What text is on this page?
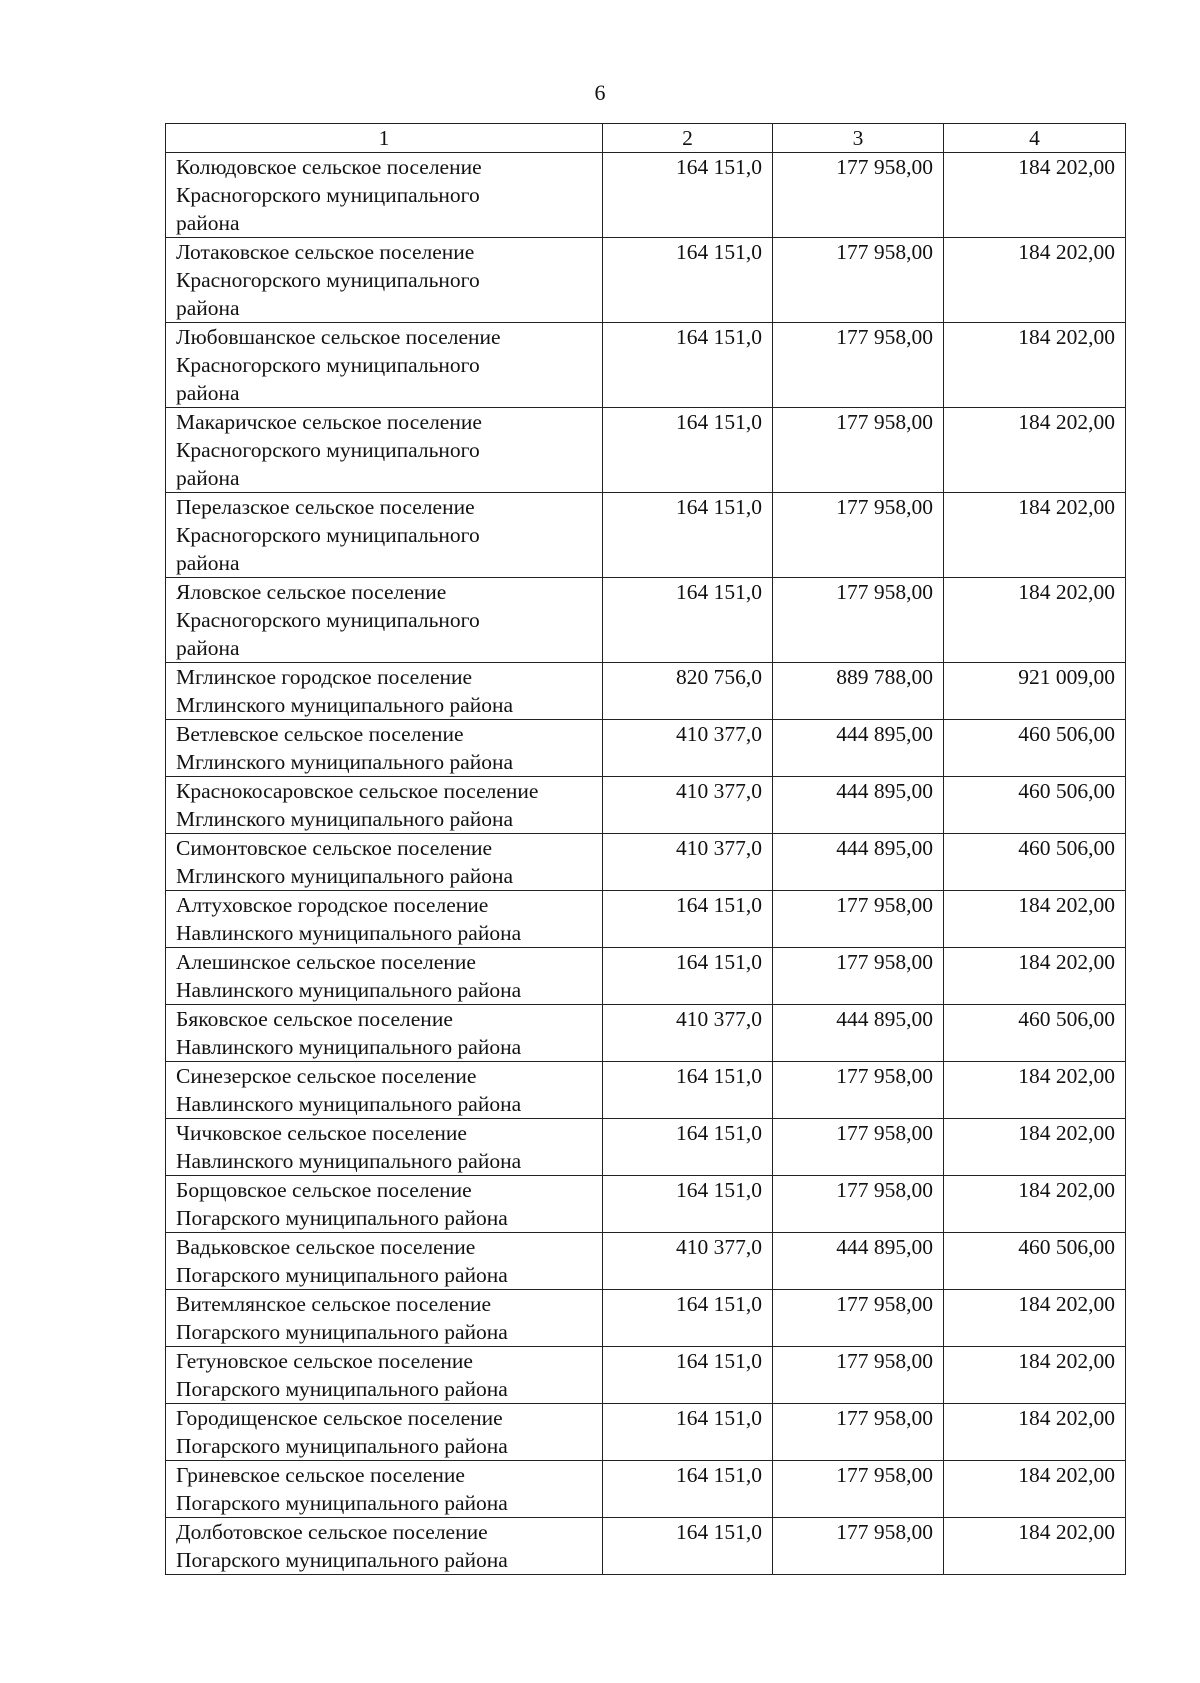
6
1	2	3	4

Колюдовское сельское поселение
Красногорского муниципального
района	164 151,0	177 958,00	184 202,00

Лотаковское сельское поселение
Красногорского муниципального
района	164 151,0	177 958,00	184 202,00

Любовшанское сельское поселение
Красногорского муниципального
района	164 151,0	177 958,00	184 202,00

Макаричское сельское поселение
Красногорского муниципального
района	164 151,0	177 958,00	184 202,00

Перелазское сельское поселение
Красногорского муниципального
района	164 151,0	177 958,00	184 202,00

Яловское сельское поселение
Красногорского муниципального
района	164 151,0	177 958,00	184 202,00

Мглинское городское поселение
Мглинского муниципального района	820 756,0	889 788,00	921 009,00

Ветлевское сельское поселение
Мглинского муниципального района	410 377,0	444 895,00	460 506,00

Краснокосаровское сельское поселение
Мглинского муниципального района	410 377,0	444 895,00	460 506,00

Симонтовское сельское поселение
Мглинского муниципального района	410 377,0	444 895,00	460 506,00

Алтуховское городское поселение
Навлинского муниципального района	164 151,0	177 958,00	184 202,00

Алешинское сельское поселение
Навлинского муниципального района	164 151,0	177 958,00	184 202,00

Бяковское сельское поселение
Навлинского муниципального района	410 377,0	444 895,00	460 506,00

Синезерское сельское поселение
Навлинского муниципального района	164 151,0	177 958,00	184 202,00

Чичковское сельское поселение
Навлинского муниципального района	164 151,0	177 958,00	184 202,00

Борщовское сельское поселение
Погарского муниципального района	164 151,0	177 958,00	184 202,00

Вадьковское сельское поселение
Погарского муниципального района	410 377,0	444 895,00	460 506,00

Витемлянское сельское поселение
Погарского муниципального района	164 151,0	177 958,00	184 202,00

Гетуновское сельское поселение
Погарского муниципального района	164 151,0	177 958,00	184 202,00

Городищенское сельское поселение
Погарского муниципального района	164 151,0	177 958,00	184 202,00

Гриневское сельское поселение
Погарского муниципального района	164 151,0	177 958,00	184 202,00

Долботовское сельское поселение
Погарского муниципального района	164 151,0	177 958,00	184 202,00
